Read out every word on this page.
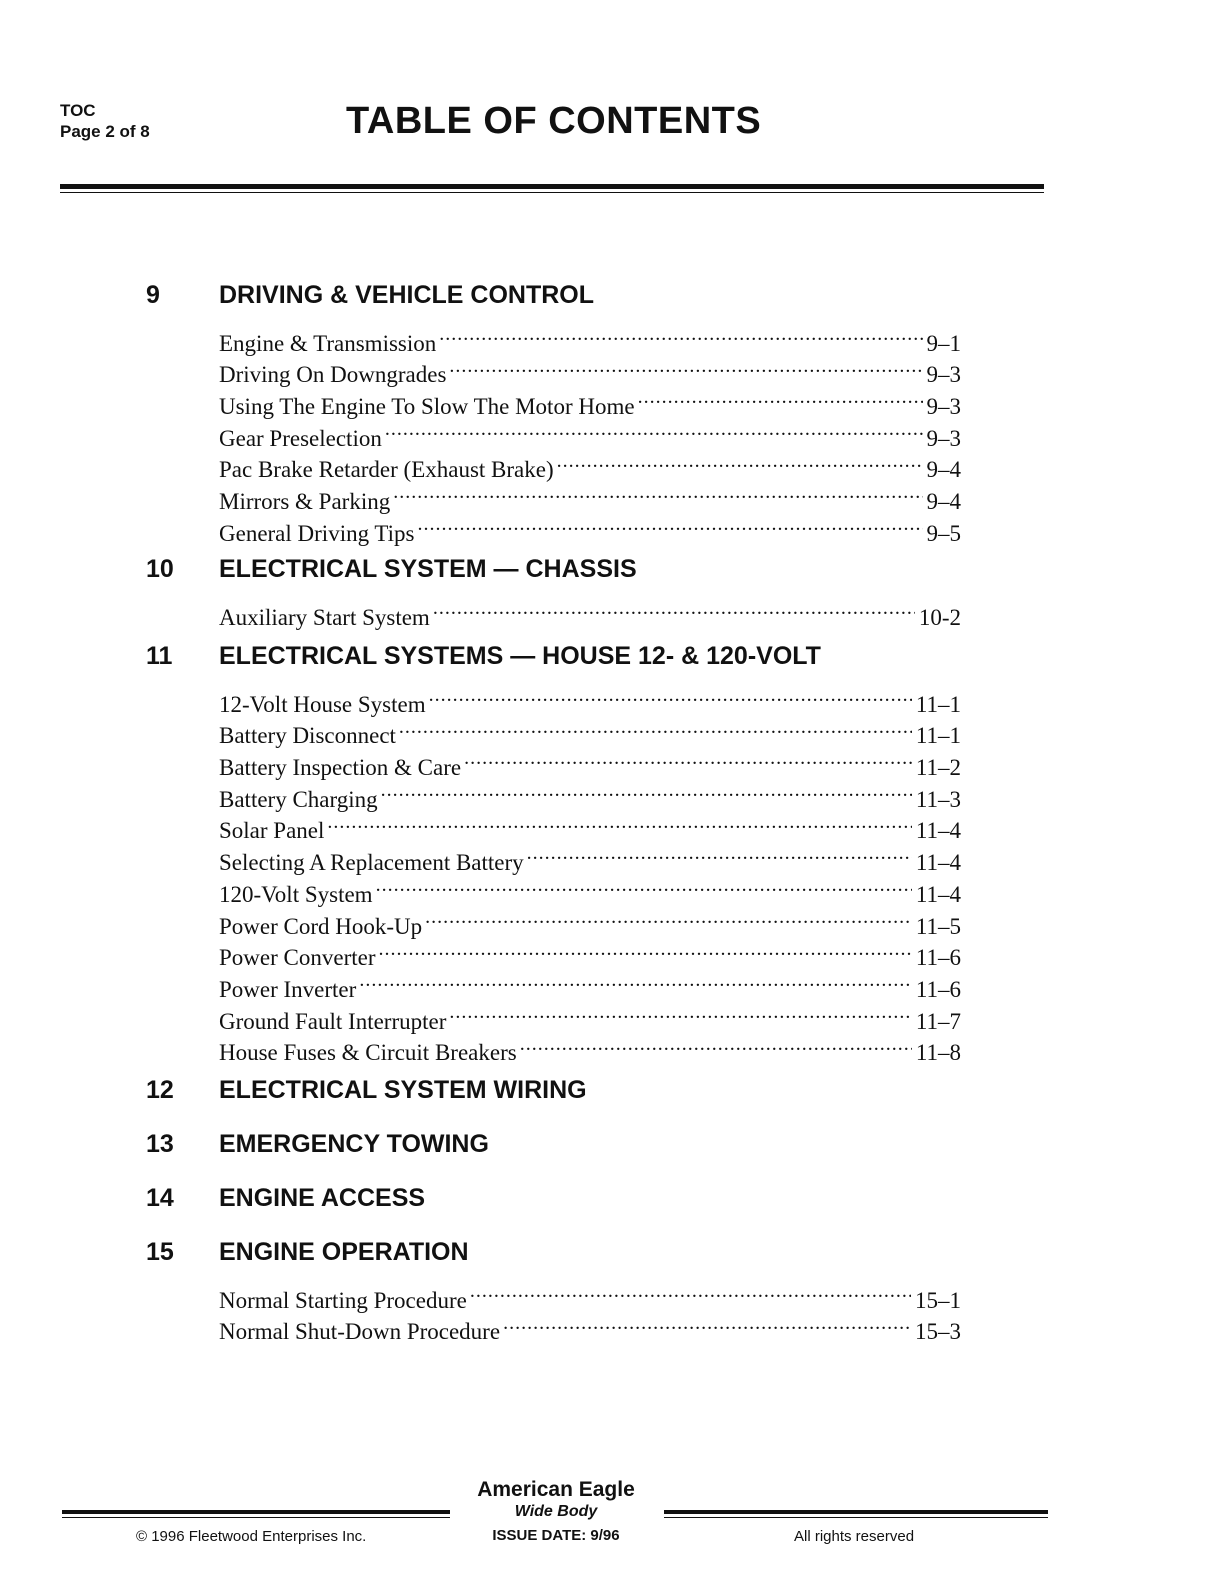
TOC
Page 2 of 8	TABLE OF CONTENTS
9 DRIVING & VEHICLE CONTROL
Engine & Transmission .....	9–1
Driving On Downgrades .....	9–3
Using The Engine To Slow The Motor Home .....	9–3
Gear Preselection .....	9–3
Pac Brake Retarder (Exhaust Brake) .....	9–4
Mirrors & Parking .....	9–4
General Driving Tips .....	9–5
10 ELECTRICAL SYSTEM — CHASSIS
Auxiliary Start System .....	10-2
11 ELECTRICAL SYSTEMS — HOUSE 12- & 120-VOLT
12-Volt House System .....	11–1
Battery Disconnect .....	11–1
Battery Inspection & Care .....	11–2
Battery Charging .....	11–3
Solar Panel .....	11–4
Selecting A Replacement Battery .....	11–4
120-Volt System .....	11–4
Power Cord Hook-Up .....	11–5
Power Converter .....	11–6
Power Inverter .....	11–6
Ground Fault Interrupter .....	11–7
House Fuses & Circuit Breakers .....	11–8
12 ELECTRICAL SYSTEM WIRING
13 EMERGENCY TOWING
14 ENGINE ACCESS
15 ENGINE OPERATION
Normal Starting Procedure .....	15–1
Normal Shut-Down Procedure .....	15–3
American Eagle
Wide Body
© 1996 Fleetwood Enterprises Inc.	ISSUE DATE: 9/96	All rights reserved
